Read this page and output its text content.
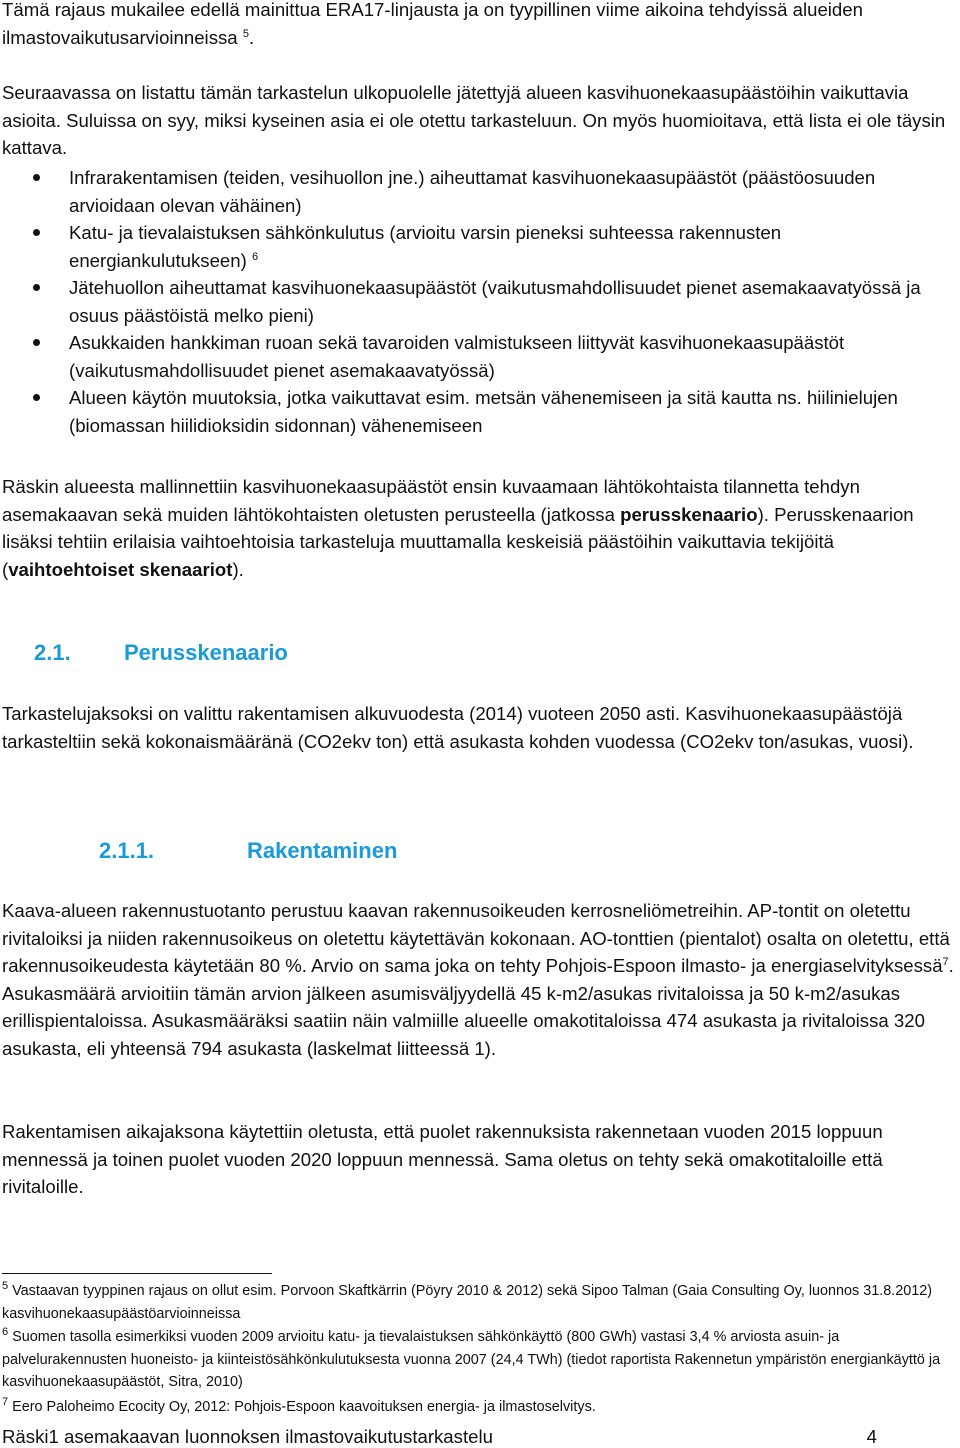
Tämä rajaus mukailee edellä mainittua ERA17-linjausta ja on tyypillinen viime aikoina tehdyissä alueiden ilmastovaikutusarvioinneissa $^5$.

Seuraavassa on listattu tämän tarkastelun ulkopuolelle jätettyjä alueen kasvihuonekaasupäästöihin vaikuttavia asioita. Suluissa on syy, miksi kyseinen asia ei ole otettu tarkasteluun. On myös huomioitava, että lista ei ole täysin kattava.

Infrarakentamisen (teiden, vesihuollon jne.) aiheuttamat kasvihuonekaasupäästöt (päästöosuuden arvioidaan olevan vähäinen)
Katu- ja tievalaistuksen sähkönkulutus (arvioitu varsin pieneksi suhteessa rakennusten energiankulutukseen) $^6$
Jätehuollon aiheuttamat kasvihuonekaasupäästöt (vaikutusmahdollisuudet pienet asemakaavatyössä ja osuus päästöistä melko pieni)
Asukkaiden hankkiman ruoan sekä tavaroiden valmistukseen liittyvät kasvihuonekaasupäästöt (vaikutusmahdollisuudet pienet asemakaavatyössä)
Alueen käytön muutoksia, jotka vaikuttavat esim. metsän vähenemiseen ja sitä kautta ns. hiilinielujen (biomassan hiilidioksidin sidonnan) vähenemiseen

Räskin alueesta mallinnettiin kasvihuonekaasupäästöt ensin kuvaamaan lähtökohtaista tilannetta tehdyn asemakaavan sekä muiden lähtökohtaisten oletusten perusteella (jatkossa perusskenaario). Perusskenaarion lisäksi tehtiin erilaisia vaihtoehtoisia tarkasteluja muuttamalla keskeisiä päästöihin vaikuttavia tekijöitä (vaihtoehtoiset skenaariot).

2.1. Perusskenaario

Tarkastelujaksoksi on valittu rakentamisen alkuvuodesta (2014) vuoteen 2050 asti. Kasvihuonekaasupäästöjä tarkasteltiin sekä kokonaismääränä (CO2ekv ton) että asukasta kohden vuodessa (CO2ekv ton/asukas, vuosi).

2.1.1.	Rakentaminen

Kaava-alueen rakennustuotanto perustuu kaavan rakennusoikeuden kerrosneliömetreihin. AP-tontit on oletettu rivitaloiksi ja niiden rakennusoikeus on oletettu käytettävän kokonaan. AO-tonttien (pientalot) osalta on oletettu, että rakennusoikeudesta käytetään 80 %. Arvio on sama joka on tehty Pohjois-Espoon ilmasto- ja energiaselvityksessä$^7$. Asukasmäärä arvioitiin tämän arvion jälkeen asumisväljyydellä 45 k-m2/asukas rivitaloissa ja 50 k-m2/asukas erillispientaloissa. Asukasmääräksi saatiin näin valmiille alueelle omakotitaloissa 474 asukasta ja rivitaloissa 320 asukasta, eli yhteensä 794 asukasta (laskelmat liitteessä 1).

Rakentamisen aikajaksona käytettiin oletusta, että puolet rakennuksista rakennetaan vuoden 2015 loppuun mennessä ja toinen puolet vuoden 2020 loppuun mennessä. Sama oletus on tehty sekä omakotitaloille että rivitaloille.

$^5$ Vastaavan tyyppinen rajaus on ollut esim. Porvoon Skaftkärrin (Pöyry 2010 & 2012) sekä Sipoo Talman (Gaia Consulting Oy, luonnos 31.8.2012) kasvihuonekaasupäästöarvioinneissa

$^6$ Suomen tasolla esimerkiksi vuoden 2009 arvioitu katu- ja tievalaistuksen sähkönkäyttö (800 GWh) vastasi 3,4 % arviosta asuin- ja palvelurakennusten huoneisto- ja kiinteistösähkönkulutuksesta vuonna 2007 (24,4 TWh) (tiedot raportista Rakennetun ympäristön energiankäyttö ja kasvihuonekaasupäästöt, Sitra, 2010)

$^7$ Eero Paloheimo Ecocity Oy, 2012: Pohjois-Espoon kaavoituksen energia- ja ilmastoselvitys.

Räski1 asemakaavan luonnoksen ilmastovaikutustarkastelu	4
